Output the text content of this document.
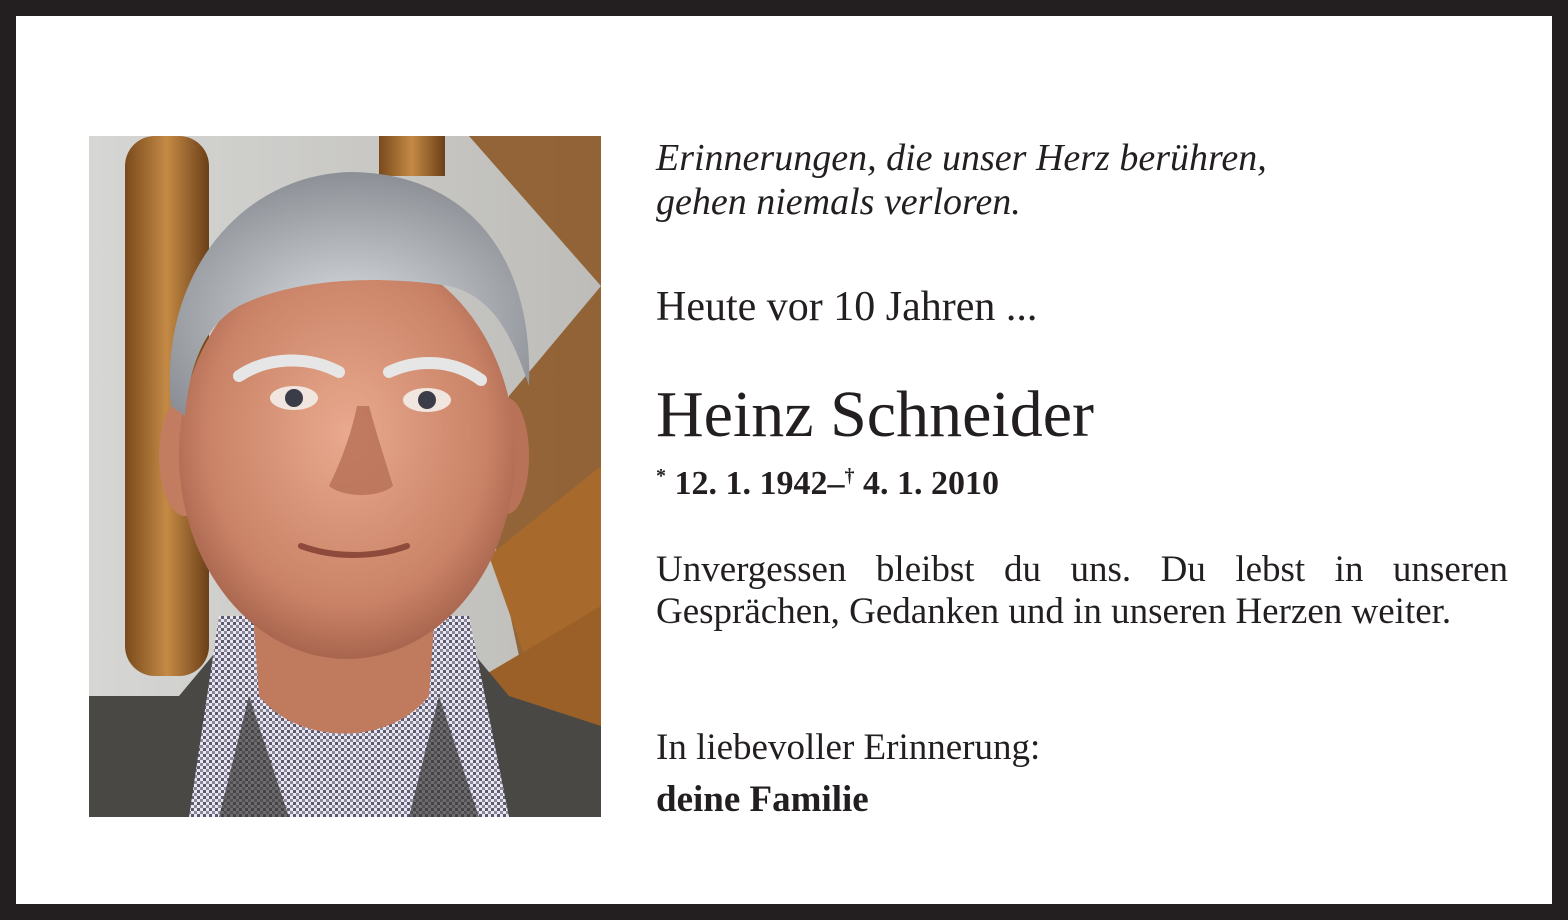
Erinnerungen, die unser Herz berühren,
gehen niemals verloren.
Heute vor 10 Jahren ...
Heinz Schneider
* 12. 1. 1942–† 4. 1. 2010
Unvergessen bleibst du uns. Du lebst in unseren Gesprächen, Gedanken und in unseren Herzen weiter.
In liebevoller Erinnerung:
deine Familie
